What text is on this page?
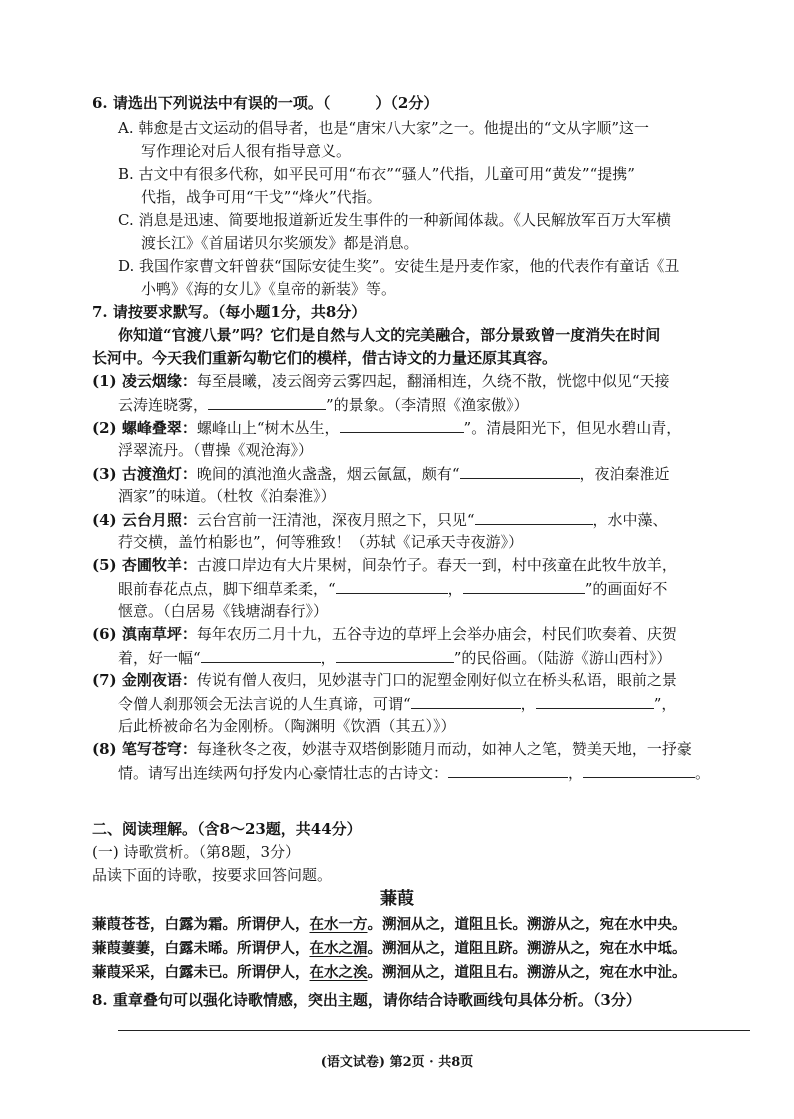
6. 请选出下列说法中有误的一项。（　　　）（2分）
A. 韩愈是古文运动的倡导者，也是“唐宋八大家”之一。他提出的“文从字顺”这一
写作理论对后人很有指导意义。
B. 古文中有很多代称，如平民可用“布衣”“骚人”代指，儿童可用“黄发”“提携”
代指，战争可用“干戈”“烽火”代指。
C. 消息是迅速、简要地报道新近发生事件的一种新闻体裁。《人民解放军百万大军横
渡长江》《首届诺贝尔奖颁发》都是消息。
D. 我国作家曹文轩曾获“国际安徒生奖”。安徒生是丹麦作家，他的代表作有童话《丑
小鸭》《海的女儿》《皇帝的新装》等。
7. 请按要求默写。（每小题1分，共8分）
你知道“官渡八景”吗？它们是自然与人文的完美融合，部分景致曾一度消失在时间
长河中。今天我们重新勾勒它们的模样，借古诗文的力量还原其真容。
(1) 凌云烟缘：每至晨曦，凌云阁旁云雾四起，翻涌相连，久绕不散，恍惚中似见“天接
云涛连晓雾，	”的景象。（李清照《渔家傲》）
(2) 螺峰叠翠：螺峰山上“树木丛生，	”。清晨阳光下，但见水碧山青，
浮翠流丹。（曹操《观沧海》）
(3) 古渡渔灯：晚间的滇池渔火盏盏，烟云氤氲，颇有“	，夜泊秦淮近
酒家”的味道。（杜牧《泊秦淮》）
(4) 云台月照：云台宫前一汪清池，深夜月照之下，只见“	，水中藻、
荇交横，盖竹柏影也”，何等雅致！（苏轼《记承天寺夜游》）
(5) 杏圃牧羊：古渡口岸边有大片果树，间杂竹子。春天一到，村中孩童在此牧牛放羊，
眼前春花点点，脚下细草柔柔，“	，	”的画面好不
惬意。（白居易《钱塘湖春行》）
(6) 滇南草坪：每年农历二月十九，五谷寺边的草坪上会举办庙会，村民们吹奏着、庆贺
着，好一幅“	，	”的民俗画。（陆游《游山西村》）
(7) 金刚夜语：传说有僧人夜归，见妙湛寺门口的泥塑金刚好似立在桥头私语，眼前之景
令僧人刹那领会无法言说的人生真谛，可谓“	，	”，
后此桥被命名为金刚桥。（陶渊明《饮酒（其五）》）
(8) 笔写苍穹：每逢秋冬之夜，妙湛寺双塔倒影随月而动，如神人之笔，赞美天地，一抒豪
情。请写出连续两句抒发内心豪情壮志的古诗文：	，	。
二、阅读理解。（含8～23题，共44分）
(一) 诗歌赏析。（第8题，3分）
品读下面的诗歌，按要求回答问题。
蒹葭
蒹葭苍苍，白露为霜。所谓伊人，在水一方。溯洄从之，道阻且长。溯游从之，宛在水中央。
蒹葭萋萋，白露未晞。所谓伊人，在水之湄。溯洄从之，道阻且跻。溯游从之，宛在水中坻。
蒹葭采采，白露未已。所谓伊人，在水之涘。溯洄从之，道阻且右。溯游从之，宛在水中沚。
8. 重章叠句可以强化诗歌情感，突出主题，请你结合诗歌画线句具体分析。（3分）
(语文试卷) 第2页 · 共8页
